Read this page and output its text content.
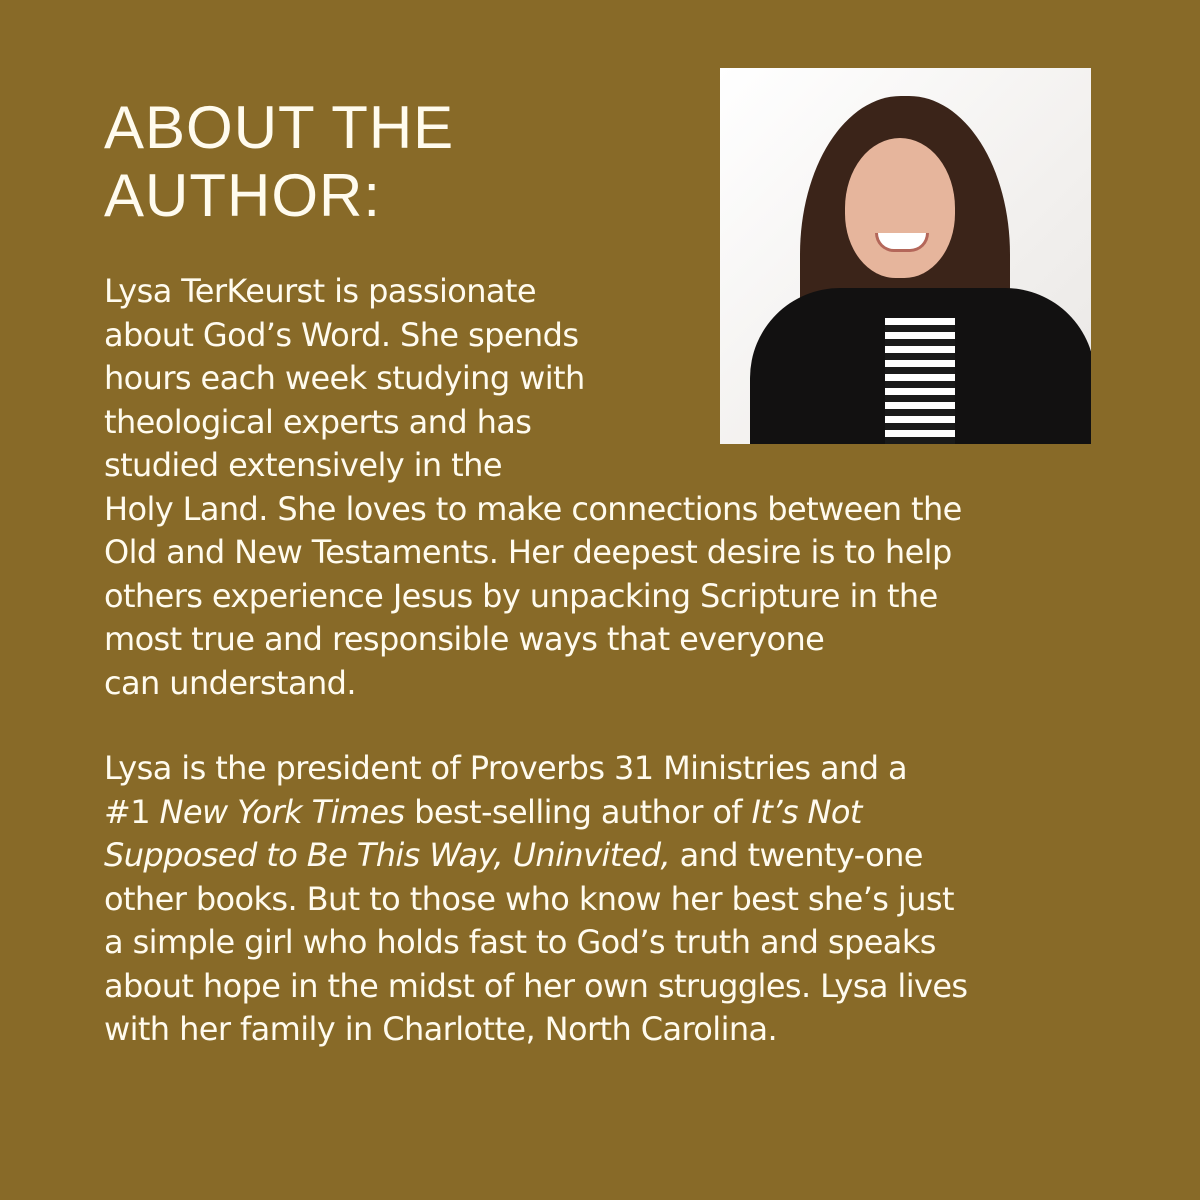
ABOUT THE
AUTHOR:

Lysa TerKeurst is passionate
about God’s Word. She spends
hours each week studying with
theological experts and has
studied extensively in the
Holy Land. She loves to make connections between the
Old and New Testaments. Her deepest desire is to help
others experience Jesus by unpacking Scripture in the
most true and responsible ways that everyone
can understand.

Lysa is the president of Proverbs 31 Ministries and a
#1 New York Times best-selling author of It’s Not
Supposed to Be This Way, Uninvited, and twenty-one
other books. But to those who know her best she’s just
a simple girl who holds fast to God’s truth and speaks
about hope in the midst of her own struggles. Lysa lives
with her family in Charlotte, North Carolina.
